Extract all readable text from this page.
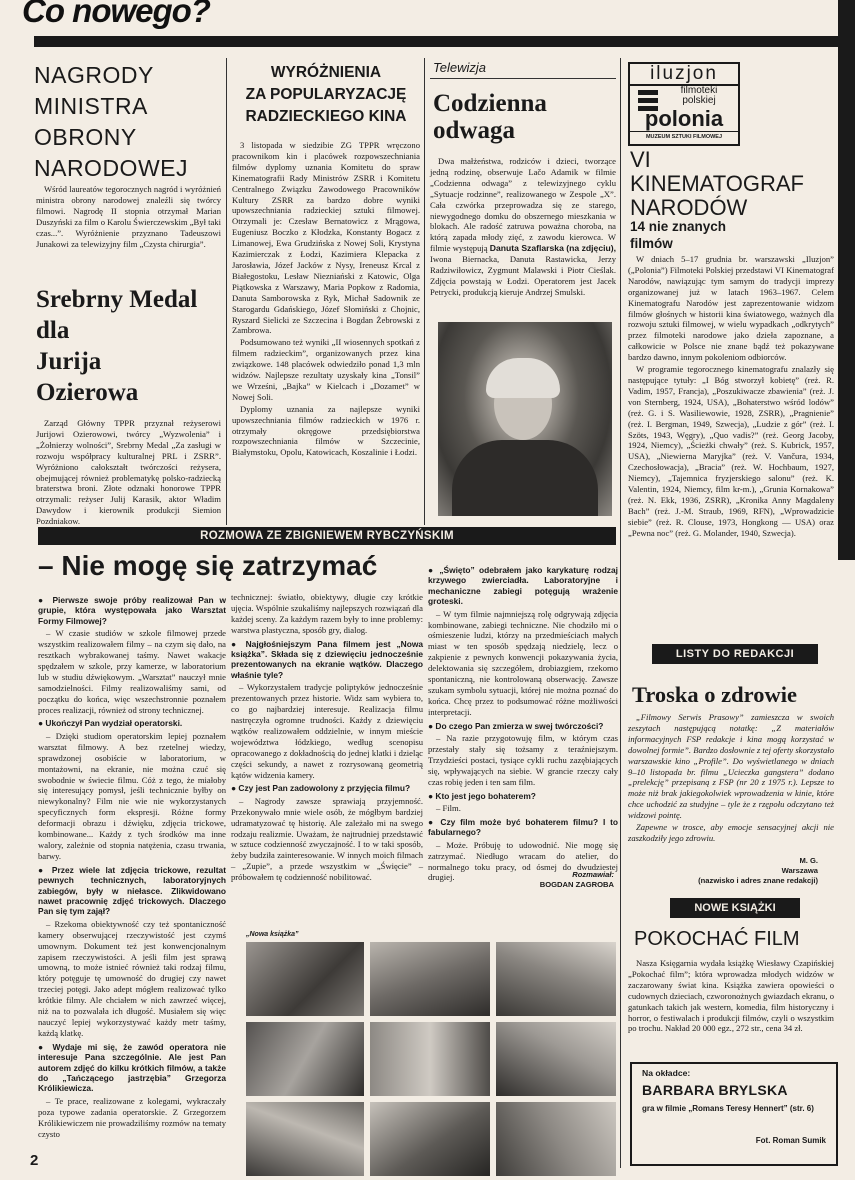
Co nowego?
NAGRODY
MINISTRA
OBRONY
NARODOWEJ

Wśród laureatów tegorocznych nagród i wyróżnień ministra obrony narodowej znaleźli się twórcy filmowi. Nagrodę II stopnia otrzymał Marian Duszyński za film o Karolu Świerczewskim „Był taki czas...”. Wyróżnienie przyznano Tadeuszowi Junakowi za telewizyjny film „Czysta chirurgia”.

Srebrny Medal
dla
Jurija
Ozierowa

Zarząd Główny TPPR przyznał reżyserowi Jurijowi Ozierowowi, twórcy „Wyzwolenia” i „Żołnierzy wolności”, Srebrny Medal „Za zasługi w rozwoju współpracy kulturalnej PRL i ZSRR”. Wyróżniono całokształt twórczości reżysera, obejmującej również problematykę polsko-radziecką braterstwa broni. Złote odznaki honorowe TPPR otrzymali: reżyser Julij Karasik, aktor Władim Dawydow i kierownik produkcji Siemion Pozdniakow.

WYRÓŻNIENIA
ZA POPULARYZACJĘ
RADZIECKIEGO KINA

3 listopada w siedzibie ZG TPPR wręczono pracownikom kin i placówek rozpowszechniania filmów dyplomy uznania Komitetu do spraw Kinematografii Rady Ministrów ZSRR i Komitetu Centralnego Związku Zawodowego Pracowników Kultury ZSRR za bardzo dobre wyniki upowszechniania radzieckiej sztuki filmowej. Otrzymali je: Czesław Bernatowicz z Mrągowa, Eugeniusz Boczko z Kłodzka, Konstanty Bogacz z Limanowej, Ewa Grudzińska z Nowej Soli, Krystyna Kazimierczak z Łodzi, Kazimiera Klepacka z Jarosławia, Józef Jacków z Nysy, Ireneusz Krcal z Białegostoku, Lesław Niezniański z Katowic, Olga Piątkowska z Warszawy, Maria Popkow z Radomia, Danuta Samborowska z Ryk, Michał Sadownik ze Starogardu Gdańskiego, Józef Słomiński z Chojnic, Ryszard Sielicki ze Szczecina i Bogdan Żebrowski z Zambrowa.

Podsumowano też wyniki „II wiosennych spotkań z filmem radzieckim”, organizowanych przez kina związkowe. 148 placówek odwiedziło ponad 1,3 mln widzów. Najlepsze rezultaty uzyskały kina „Tonsil” we Wrześni, „Bajka” w Kielcach i „Dozamet” w Nowej Soli.

Dyplomy uznania za najlepsze wyniki upowszechniania filmów radzieckich w 1976 r. otrzymały okręgowe przedsiębiorstwa rozpowszechniania filmów w Szczecinie, Białymstoku, Opolu, Katowicach, Koszalinie i Łodzi.

Telewizja
Codzienna
odwaga

Dwa małżeństwa, rodziców i dzieci, tworzące jedną rodzinę, obserwuje Lačo Adamik w filmie „Codzienna odwaga” z telewizyjnego cyklu „Sytuacje rodzinne”, realizowanego w Zespole „X”. Cała czwórka przeprowadza się ze starego, niewygodnego domku do obszernego mieszkania w blokach. Ale radość zatruwa poważna choroba, na którą zapada młody zięć, z zawodu kierowca. W filmie występują Danuta Szaflarska (na zdjęciu), Iwona Biernacka, Danuta Rastawicka, Jerzy Radziwiłowicz, Zygmunt Malawski i Piotr Cieślak. Zdjęcia powstają w Łodzi. Operatorem jest Jacek Petrycki, produkcją kieruje Andrzej Smulski.

iluzjon
filmoteki
polskiej
polonia
MUZEUM SZTUKI FILMOWEJ
VI
KINEMATOGRAF
NARODÓW
14 nie znanych
filmów

W dniach 5–17 grudnia br. warszawski „Iluzjon” („Polonia”) Filmoteki Polskiej przedstawi VI Kinematograf Narodów, nawiązując tym samym do tradycji imprezy organizowanej już w latach 1963–1967. Celem Kinematografu Narodów jest zaprezentowanie widzom filmów głośnych w historii kina światowego, ważnych dla rozwoju sztuki filmowej, w wielu wypadkach „odkrytych” przez filmoteki narodowe jako dzieła zapoznane, a całkowicie w Polsce nie znane bądź też pokazywane bardzo dawno, innym pokoleniom odbiorców.

W programie tegorocznego kinematografu znalazły się następujące tytuły: „I Bóg stworzył kobietę” (reż. R. Vadim, 1957, Francja), „Poszukiwacze zbawienia” (reż. J. von Sternberg, 1924, USA), „Bohaterstwo wśród lodów” (reż. G. i S. Wasiliewowie, 1928, ZSRR), „Pragnienie” (reż. I. Bergman, 1949, Szwecja), „Ludzie z gór” (reż. I. Szöts, 1943, Węgry), „Quo vadis?” (reż. Georg Jacoby, 1924, Niemcy), „Ścieżki chwały” (reż. S. Kubrick, 1957, USA), „Niewierna Maryjka” (reż. V. Vančura, 1934, Czechosłowacja), „Bracia” (reż. W. Hochbaum, 1927, Niemcy), „Tajemnica fryzjerskiego salonu” (reż. K. Valentin, 1924, Niemcy, film kr-m.), „Grunia Kornakowa” (reż. N. Ekk, 1936, ZSRR), „Kronika Anny Magdaleny Bach” (reż. J.-M. Straub, 1969, RFN), „Wprowadzicie siebie” (reż. R. Clouse, 1973, Hongkong — USA) oraz „Pewna noc” (reż. G. Molander, 1940, Szwecja).

LISTY DO REDAKCJI
Troska o zdrowie

„Filmowy Serwis Prasowy” zamieszcza w swoich zeszytach następującą notatkę: „Z materiałów informacyjnych FSP redakcje i kina mogą korzystać w dowolnej formie”. Bardzo dosłownie z tej oferty skorzystało warszawskie kino „Profile”. Do wyświetlanego w dniach 9–10 listopada br. filmu „Ucieczka gangstera” dodano „prelekcję” przepisaną z FSP (nr 20 z 1975 r.). Lepsze to może niż brak jakiegokolwiek wprowadzenia w kinie, które chce uchodzić za studyjne – tyle że z rzępołu odczytano też widzowi pointę.

Zapewne w trosce, aby emocje sensacyjnej akcji nie zaszkodziły jego zdrowiu.

M. G.
Warszawa
(nazwisko i adres znane redakcji)
NOWE KSIĄŻKI
POKOCHAĆ FILM

Nasza Księgarnia wydała książkę Wiesławy Czapińskiej „Pokochać film”; która wprowadza młodych widzów w zaczarowany świat kina. Książka zawiera opowieści o cudownych dzieciach, czworonożnych gwiazdach ekranu, o gatunkach takich jak western, komedia, film historyczny i horror, o festiwalach i produkcji filmów, czyli o wszystkim po trochu. Nakład 20 000 egz., 272 str., cena 34 zł.

Na okładce:
BARBARA BRYLSKA
gra w filmie „Romans Teresy Hennert” (str. 6)
Fot. Roman Sumik
ROZMOWA ZE ZBIGNIEWEM RYBCZYŃSKIM
– Nie mogę się zatrzymać

● Pierwsze swoje próby realizował Pan w grupie, która występowała jako Warsztat Formy Filmowej?

– W czasie studiów w szkole filmowej przede wszystkim realizowałem filmy – na czym się dało, na resztkach wybrakowanej taśmy. Nawet wakacje spędzałem w szkole, przy kamerze, w laboratorium lub w studiu dźwiękowym. „Warsztat” nauczył mnie samodzielności. Filmy realizowaliśmy sami, od początku do końca, więc wszechstronnie poznałem proces realizacji, również od strony technicznej.

● Ukończył Pan wydział operatorski.

– Dzięki studiom operatorskim lepiej poznałem warsztat filmowy. A bez rzetelnej wiedzy, sprawdzonej osobiście w laboratorium, w montażowni, na ekranie, nie można czuć się swobodnie w świecie filmu. Cóż z tego, że miałoby się interesujący pomysł, jeśli technicznie byłby on niewykonalny? Film nie wie nie wykorzystanych specyficznych form ekspresji. Różne formy deformacji obrazu i dźwięku, zdjęcia trickowe, kombinowane... Każdy z tych środków ma inne walory, zależnie od stopnia natężenia, czasu trwania, barwy.

● Przez wiele lat zdjęcia trickowe, rezultat pewnych technicznych, laboratoryjnych zabiegów, były w niełasce. Zlikwidowano nawet pracownię zdjęć trickowych. Dlaczego Pan się tym zajął?

– Rzekoma obiektywność czy też spontaniczność kamery obserwującej rzeczywistość jest czymś umownym. Dokument też jest konwencjonalnym zapisem rzeczywistości. A jeśli film jest sprawą umowną, to może istnieć również taki rodzaj filmu, który potęguje tę umowność do drugiej czy nawet trzeciej potęgi. Jako adept mógłem realizować tylko krótkie filmy. Ale chciałem w nich zawrzeć więcej, niż na to pozwalała ich długość. Musiałem się więc nauczyć lepiej wykorzystywać każdy metr taśmy, każdą klatkę.

● Wydaje mi się, że zawód operatora nie interesuje Pana szczególnie. Ale jest Pan autorem zdjęć do kilku krótkich filmów, a także do „Tańczącego jastrzębia” Grzegorza Królikiewicza.

– Te prace, realizowane z kolegami, wykraczały poza typowe zadania operatorskie. Z Grzegorzem Królikiewiczem nie prowadziliśmy rozmów na tematy czysto

technicznej: światło, obiektywy, długie czy krótkie ujęcia. Wspólnie szukaliśmy najlepszych rozwiązań dla każdej sceny. Za każdym razem były to inne problemy: warstwa plastyczna, sposób gry, dialog.

● Najgłośniejszym Pana filmem jest „Nowa książka”. Składa się z dziewięciu jednocześnie prezentowanych na ekranie wątków. Dlaczego właśnie tyle?

– Wykorzystałem tradycje poliptyków jednocześnie prezentowanych przez historie. Widz sam wybiera to, co go najbardziej interesuje. Realizacja filmu nastręczyła ogromne trudności. Każdy z dziewięciu wątków realizowałem oddzielnie, w innym mieście województwa łódzkiego, według scenopisu opracowanego z dokładnością do jednej klatki i dzieląc części sekundy, a nawet z rozrysowaną geometrią kątów widzenia kamery.

● Czy jest Pan zadowolony z przyjęcia filmu?

– Nagrody zawsze sprawiają przyjemność. Przekonywało mnie wiele osób, że mógłbym bardziej udramatyzować tę historię. Ale zależało mi na swego rodzaju realizmie. Uważam, że najtrudniej przedstawić w sztuce codzienność zwyczajność. I to w taki sposób, żeby budziła zainteresowanie. W innych moich filmach – „Zupie”, a przede wszystkim w „Święcie” – próbowałem tę codzienność nobilitować.

● „Święto” odebrałem jako karykaturę rodzaj krzywego zwierciadła. Laboratoryjne i mechaniczne zabiegi potęgują wrażenie groteski.

– W tym filmie najmniejszą rolę odgrywają zdjęcia kombinowane, zabiegi techniczne. Nie chodziło mi o ośmieszenie ludzi, którzy na przedmieściach małych miast w ten sposób spędzają niedzielę, lecz o zakpienie z pewnych konwencji pokazywania życia, delektowania się szczegółem, drobiazgiem, rzekomo spontaniczną, nie kontrolowaną obserwację. Zawsze szukam symbolu sytuacji, której nie można poznać do końca. Chcę przez to podsumować różne możliwości interpretacji.

● Do czego Pan zmierza w swej twórczości?

– Na razie przygotowuję film, w którym czas przestały stały się tożsamy z teraźniejszym. Trzydzieści postaci, tysiące cykli ruchu zazębiających się, wpływających na siebie. W grancie rzeczy cały czas robię jeden i ten sam film.

● Kto jest jego bohaterem?

– Film.

● Czy film może być bohaterem filmu? I to fabularnego?

– Może. Próbuję to udowodnić. Nie mogę się zatrzymać. Niedługo wracam do atelier, do normalnego toku pracy, od ósmej do dwudziestej drugiej.	Rozmawiał:
BOGDAN ZAGROBA
„Nowa książka”
2
